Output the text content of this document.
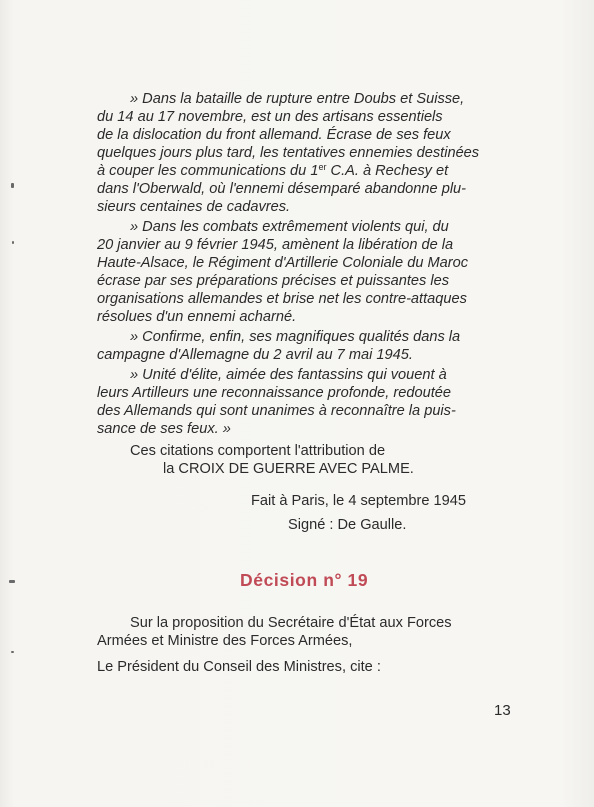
» Dans la bataille de rupture entre Doubs et Suisse,

du 14 au 17 novembre, est un des artisans essentiels

de la dislocation du front allemand. Écrase de ses feux

quelques jours plus tard, les tentatives ennemies destinées

à couper les communications du 1er C.A. à Rechesy et

dans l'Oberwald, où l'ennemi désemparé abandonne plu-

sieurs centaines de cadavres.

» Dans les combats extrêmement violents qui, du

20 janvier au 9 février 1945, amènent la libération de la

Haute-Alsace, le Régiment d'Artillerie Coloniale du Maroc

écrase par ses préparations précises et puissantes les

organisations allemandes et brise net les contre-attaques

résolues d'un ennemi acharné.

» Confirme, enfin, ses magnifiques qualités dans la

campagne d'Allemagne du 2 avril au 7 mai 1945.

» Unité d'élite, aimée des fantassins qui vouent à

leurs Artilleurs une reconnaissance profonde, redoutée

des Allemands qui sont unanimes à reconnaître la puis-

sance de ses feux. »

Ces citations comportent l'attribution de

la CROIX DE GUERRE AVEC PALME.

Fait à Paris, le 4 septembre 1945

Signé : De Gaulle.

Décision n° 19

Sur la proposition du Secrétaire d'État aux Forces

Armées et Ministre des Forces Armées,

Le Président du Conseil des Ministres, cite :

13
